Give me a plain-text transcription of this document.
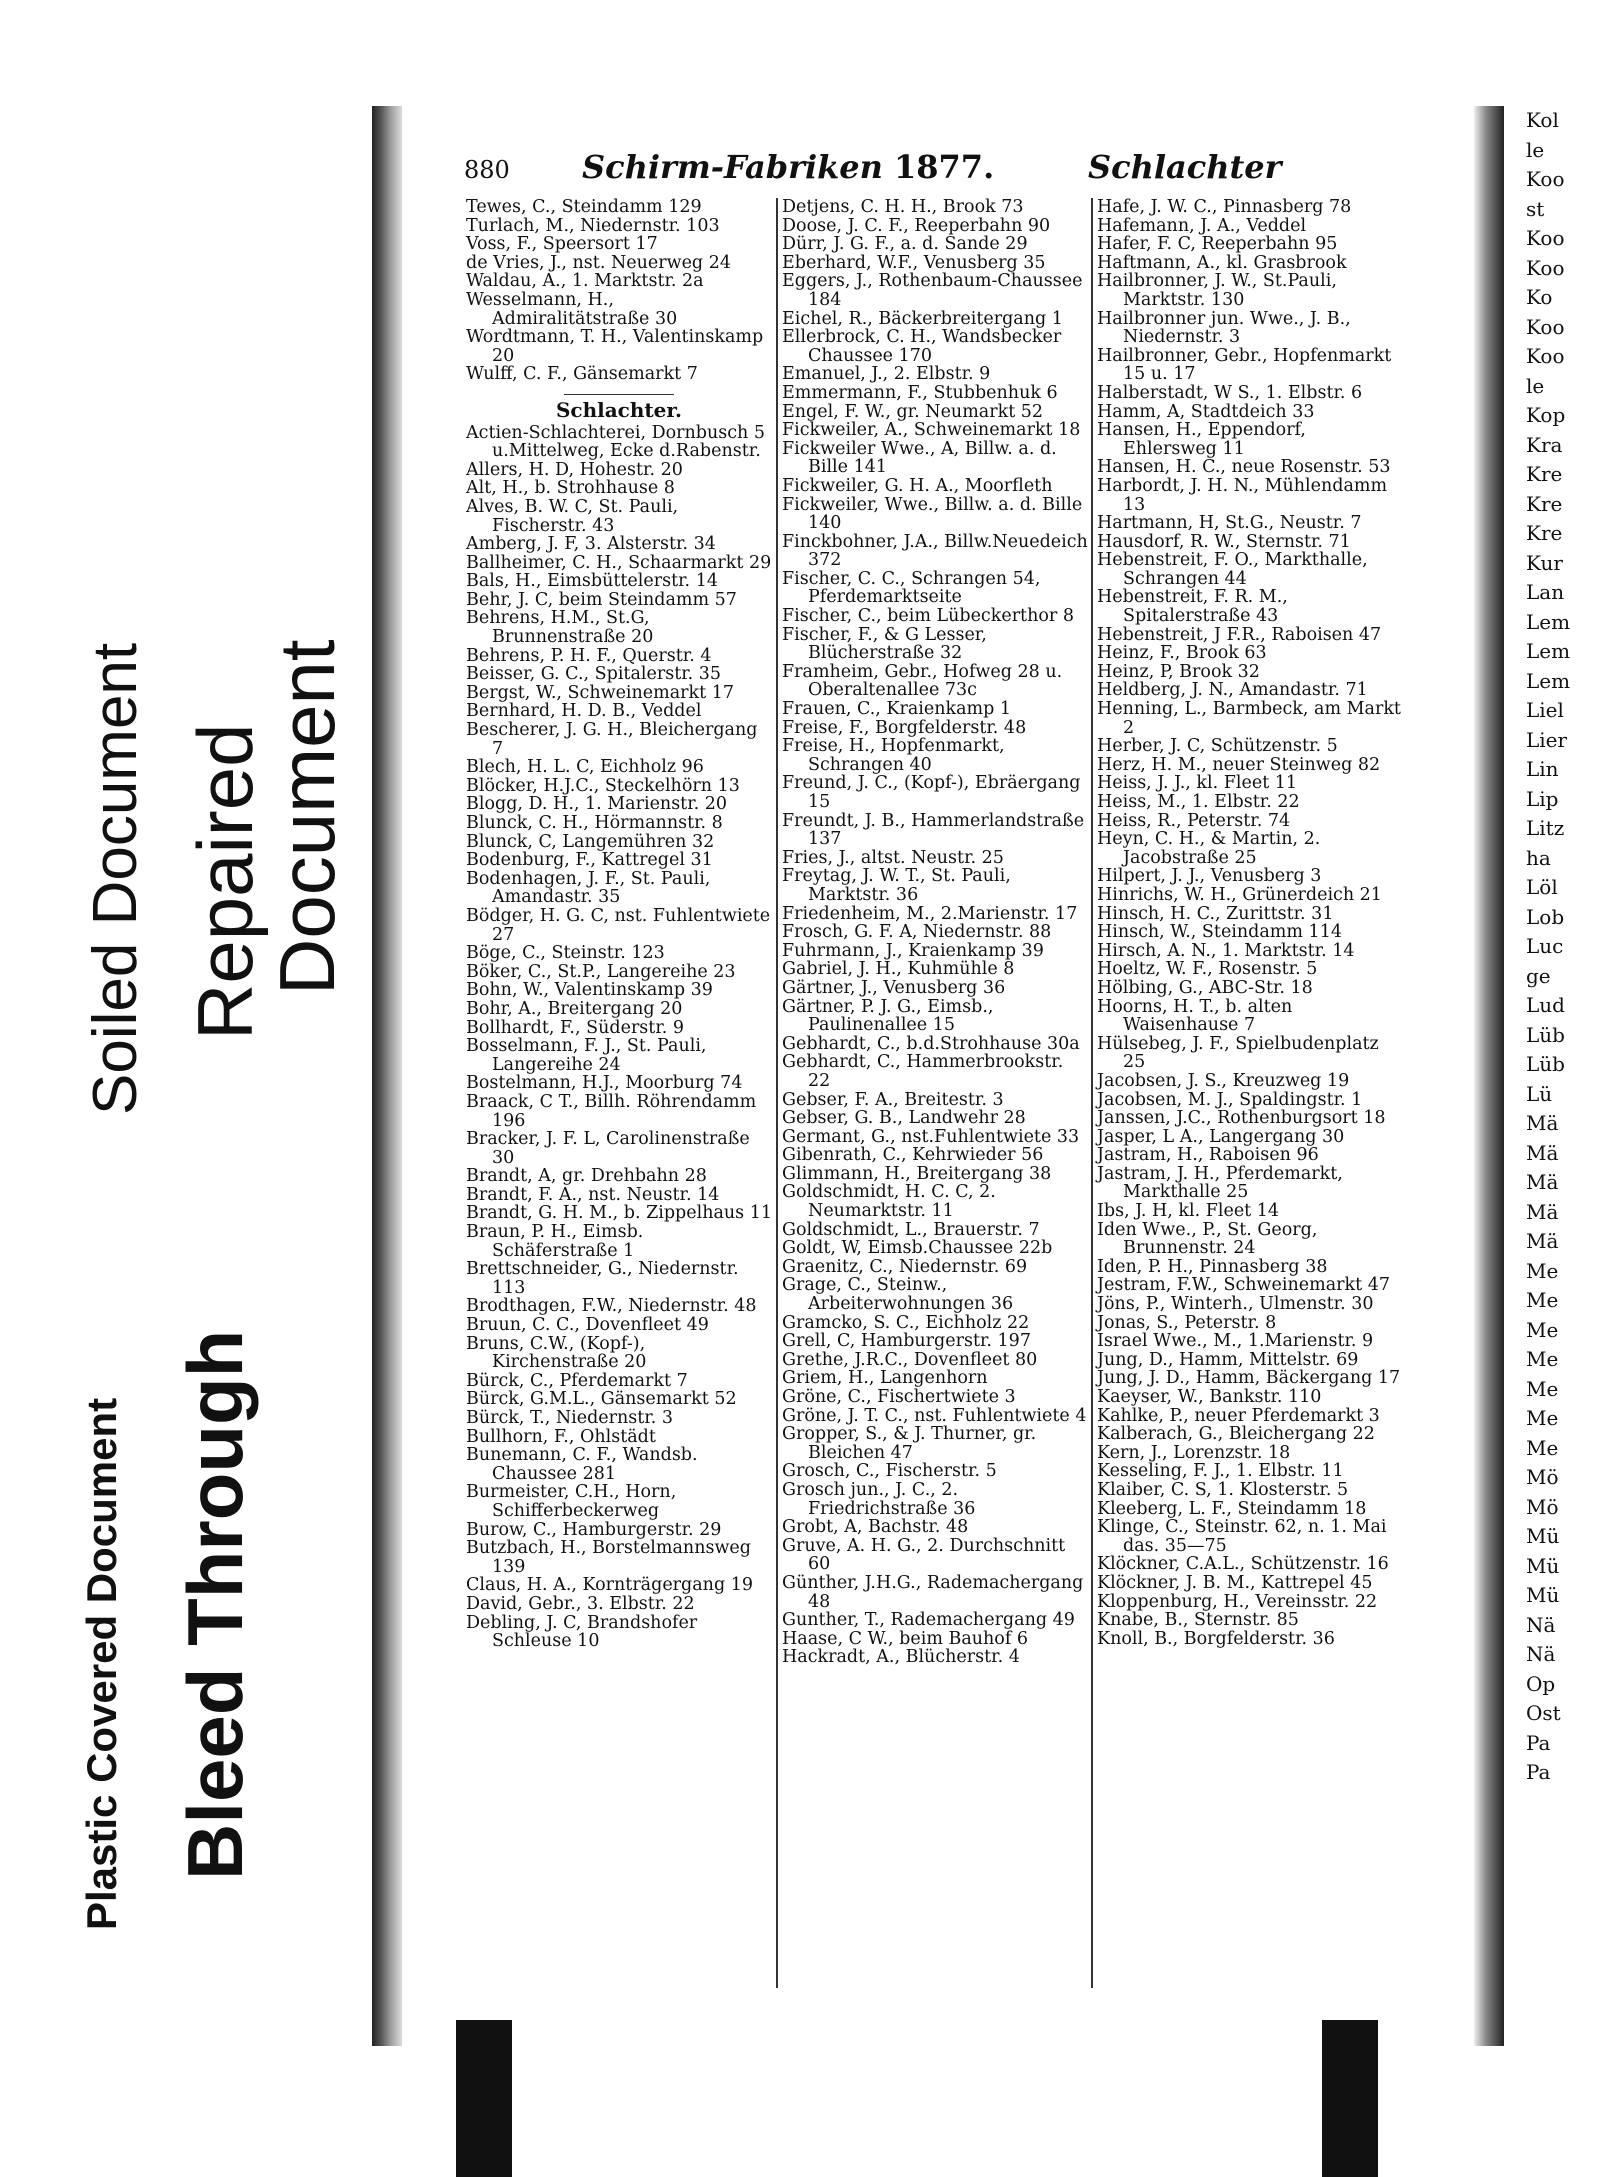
Soiled Document Repaired
Document
Plastic Covered Document Bleed Through
Kol
le
Koo
st
Koo
Koo
Ko
Koo
Koo
le
Kop
Kra
Kre
Kre
Kre
Kur
Lan
Lem
Lem
Lem
Liel
Lier
Lin
Lip
Litz
ha
Löl
Lob
Luc
ge
Lud
Lüb
Lüb
Lü
Mä
Mä
Mä
Mä
Mä
Me
Me
Me
Me
Me
Me
Me
Mö
Mö
Mü
Mü
Mü
Nä
Nä
Op
Ost
Pa
Pa
880 Schirm-Fabriken 1877.	Schlachter
Tewes, C., Steindamm 129
Turlach, M., Niedernstr. 103
Voss, F., Speersort 17
de Vries, J., nst. Neuerweg 24
Waldau, A., 1. Marktstr. 2a
Wesselmann, H., Admiralitätstraße 30
Wordtmann, T. H., Valentinskamp 20
Wulff, C. F., Gänsemarkt 7
Schlachter.
Actien-Schlachterei, Dornbusch 5 u.Mittelweg, Ecke d.Rabenstr.
Allers, H. D, Hohestr. 20
Alt, H., b. Strohhause 8
Alves, B. W. C, St. Pauli, Fischerstr. 43
Amberg, J. F, 3. Alsterstr. 34
Ballheimer, C. H., Schaarmarkt 29
Bals, H., Eimsbüttelerstr. 14
Behr, J. C, beim Steindamm 57
Behrens, H.M., St.G, Brunnenstraße 20
Behrens, P. H. F., Querstr. 4
Beisser, G. C., Spitalerstr. 35
Bergst, W., Schweinemarkt 17
Bernhard, H. D. B., Veddel
Bescherer, J. G. H., Bleichergang 7
Blech, H. L. C, Eichholz 96
Blöcker, H.J.C., Steckelhörn 13
Blogg, D. H., 1. Marienstr. 20
Blunck, C. H., Hörmannstr. 8
Blunck, C, Langemühren 32
Bodenburg, F., Kattregel 31
Bodenhagen, J. F., St. Pauli, Amandastr. 35
Bödger, H. G. C, nst. Fuhlentwiete 27
Böge, C., Steinstr. 123
Böker, C., St.P., Langereihe 23
Bohn, W., Valentinskamp 39
Bohr, A., Breitergang 20
Bollhardt, F., Süderstr. 9
Bosselmann, F. J., St. Pauli, Langereihe 24
Bostelmann, H.J., Moorburg 74
Braack, C T., Billh. Röhrendamm 196
Bracker, J. F. L, Carolinenstraße 30
Brandt, A, gr. Drehbahn 28
Brandt, F. A., nst. Neustr. 14
Brandt, G. H. M., b. Zippelhaus 11
Braun, P. H., Eimsb. Schäferstraße 1
Brettschneider, G., Niedernstr. 113
Brodthagen, F.W., Niedernstr. 48
Bruun, C. C., Dovenfleet 49
Bruns, C.W., (Kopf-), Kirchenstraße 20
Bürck, C., Pferdemarkt 7
Bürck, G.M.L., Gänsemarkt 52
Bürck, T., Niedernstr. 3
Bullhorn, F., Ohlstädt
Bunemann, C. F., Wandsb. Chaussee 281
Burmeister, C.H., Horn, Schifferbeckerweg
Burow, C., Hamburgerstr. 29
Butzbach, H., Borstelmannsweg 139
Claus, H. A., Kornträgergang 19
David, Gebr., 3. Elbstr. 22
Debling, J. C, Brandshofer Schleuse 10
Detjens, C. H. H., Brook 73
Doose, J. C. F., Reeperbahn 90
Dürr, J. G. F., a. d. Sande 29
Eberhard, W.F., Venusberg 35
Eggers, J., Rothenbaum-Chaussee 184
Eichel, R., Bäckerbreitergang 1
Ellerbrock, C. H., Wandsbecker Chaussee 170
Emanuel, J., 2. Elbstr. 9
Emmermann, F., Stubbenhuk 6
Engel, F. W., gr. Neumarkt 52
Fickweiler, A., Schweinemarkt 18
Fickweiler Wwe., A, Billw. a. d. Bille 141
Fickweiler, G. H. A., Moorfleth
Fickweiler, Wwe., Billw. a. d. Bille 140
Finckbohner, J.A., Billw.Neuedeich 372
Fischer, C. C., Schrangen 54, Pferdemarktseite
Fischer, C., beim Lübeckerthor 8
Fischer, F., & G Lesser, Blücherstraße 32
Framheim, Gebr., Hofweg 28 u. Oberaltenallee 73c
Frauen, C., Kraienkamp 1
Freise, F., Borgfelderstr. 48
Freise, H., Hopfenmarkt, Schrangen 40
Freund, J. C., (Kopf-), Ebräergang 15
Freundt, J. B., Hammerlandstraße 137
Fries, J., altst. Neustr. 25
Freytag, J. W. T., St. Pauli, Marktstr. 36
Friedenheim, M., 2.Marienstr. 17
Frosch, G. F. A, Niedernstr. 88
Fuhrmann, J., Kraienkamp 39
Gabriel, J. H., Kuhmühle 8
Gärtner, J., Venusberg 36
Gärtner, P. J. G., Eimsb., Paulinenallee 15
Gebhardt, C., b.d.Strohhause 30a
Gebhardt, C., Hammerbrookstr. 22
Gebser, F. A., Breitestr. 3
Gebser, G. B., Landwehr 28
Germant, G., nst.Fuhlentwiete 33
Gibenrath, C., Kehrwieder 56
Glimmann, H., Breitergang 38
Goldschmidt, H. C. C, 2. Neumarktstr. 11
Goldschmidt, L., Brauerstr. 7
Goldt, W, Eimsb.Chaussee 22b
Graenitz, C., Niedernstr. 69
Grage, C., Steinw., Arbeiterwohnungen 36
Gramcko, S. C., Eichholz 22
Grell, C, Hamburgerstr. 197
Grethe, J.R.C., Dovenfleet 80
Griem, H., Langenhorn
Gröne, C., Fischertwiete 3
Gröne, J. T. C., nst. Fuhlentwiete 4
Gropper, S., & J. Thurner, gr. Bleichen 47
Grosch, C., Fischerstr. 5
Grosch jun., J. C., 2. Friedrichstraße 36
Grobt, A, Bachstr. 48
Gruve, A. H. G., 2. Durchschnitt 60
Günther, J.H.G., Rademachergang 48
Gunther, T., Rademachergang 49
Haase, C W., beim Bauhof 6
Hackradt, A., Blücherstr. 4
Hafe, J. W. C., Pinnasberg 78
Hafemann, J. A., Veddel
Hafer, F. C, Reeperbahn 95
Haftmann, A., kl. Grasbrook
Hailbronner, J. W., St.Pauli, Marktstr. 130
Hailbronner jun. Wwe., J. B., Niedernstr. 3
Hailbronner, Gebr., Hopfenmarkt 15 u. 17
Halberstadt, W S., 1. Elbstr. 6
Hamm, A, Stadtdeich 33
Hansen, H., Eppendorf, Ehlersweg 11
Hansen, H. C., neue Rosenstr. 53
Harbordt, J. H. N., Mühlendamm 13
Hartmann, H, St.G., Neustr. 7
Hausdorf, R. W., Sternstr. 71
Hebenstreit, F. O., Markthalle, Schrangen 44
Hebenstreit, F. R. M., Spitalerstraße 43
Hebenstreit, J F.R., Raboisen 47
Heinz, F., Brook 63
Heinz, P, Brook 32
Heldberg, J. N., Amandastr. 71
Henning, L., Barmbeck, am Markt 2
Herber, J. C, Schützenstr. 5
Herz, H. M., neuer Steinweg 82
Heiss, J. J., kl. Fleet 11
Heiss, M., 1. Elbstr. 22
Heiss, R., Peterstr. 74
Heyn, C. H., & Martin, 2. Jacobstraße 25
Hilpert, J. J., Venusberg 3
Hinrichs, W. H., Grünerdeich 21
Hinsch, H. C., Zurittstr. 31
Hinsch, W., Steindamm 114
Hirsch, A. N., 1. Marktstr. 14
Hoeltz, W. F., Rosenstr. 5
Hölbing, G., ABC-Str. 18
Hoorns, H. T., b. alten Waisenhause 7
Hülsebeg, J. F., Spielbudenplatz 25
Jacobsen, J. S., Kreuzweg 19
Jacobsen, M. J., Spaldingstr. 1
Janssen, J.C., Rothenburgsort 18
Jasper, L A., Langergang 30
Jastram, H., Raboisen 96
Jastram, J. H., Pferdemarkt, Markthalle 25
Ibs, J. H, kl. Fleet 14
Iden Wwe., P., St. Georg, Brunnenstr. 24
Iden, P. H., Pinnasberg 38
Jestram, F.W., Schweinemarkt 47
Jöns, P., Winterh., Ulmenstr. 30
Jonas, S., Peterstr. 8
Israel Wwe., M., 1.Marienstr. 9
Jung, D., Hamm, Mittelstr. 69
Jung, J. D., Hamm, Bäckergang 17
Kaeyser, W., Bankstr. 110
Kahlke, P., neuer Pferdemarkt 3
Kalberach, G., Bleichergang 22
Kern, J., Lorenzstr. 18
Kesseling, F. J., 1. Elbstr. 11
Klaiber, C. S, 1. Klosterstr. 5
Kleeberg, L. F., Steindamm 18
Klinge, C., Steinstr. 62, n. 1. Mai das. 35—75
Klöckner, C.A.L., Schützenstr. 16
Klöckner, J. B. M., Kattrepel 45
Kloppenburg, H., Vereinsstr. 22
Knabe, B., Sternstr. 85
Knoll, B., Borgfelderstr. 36
